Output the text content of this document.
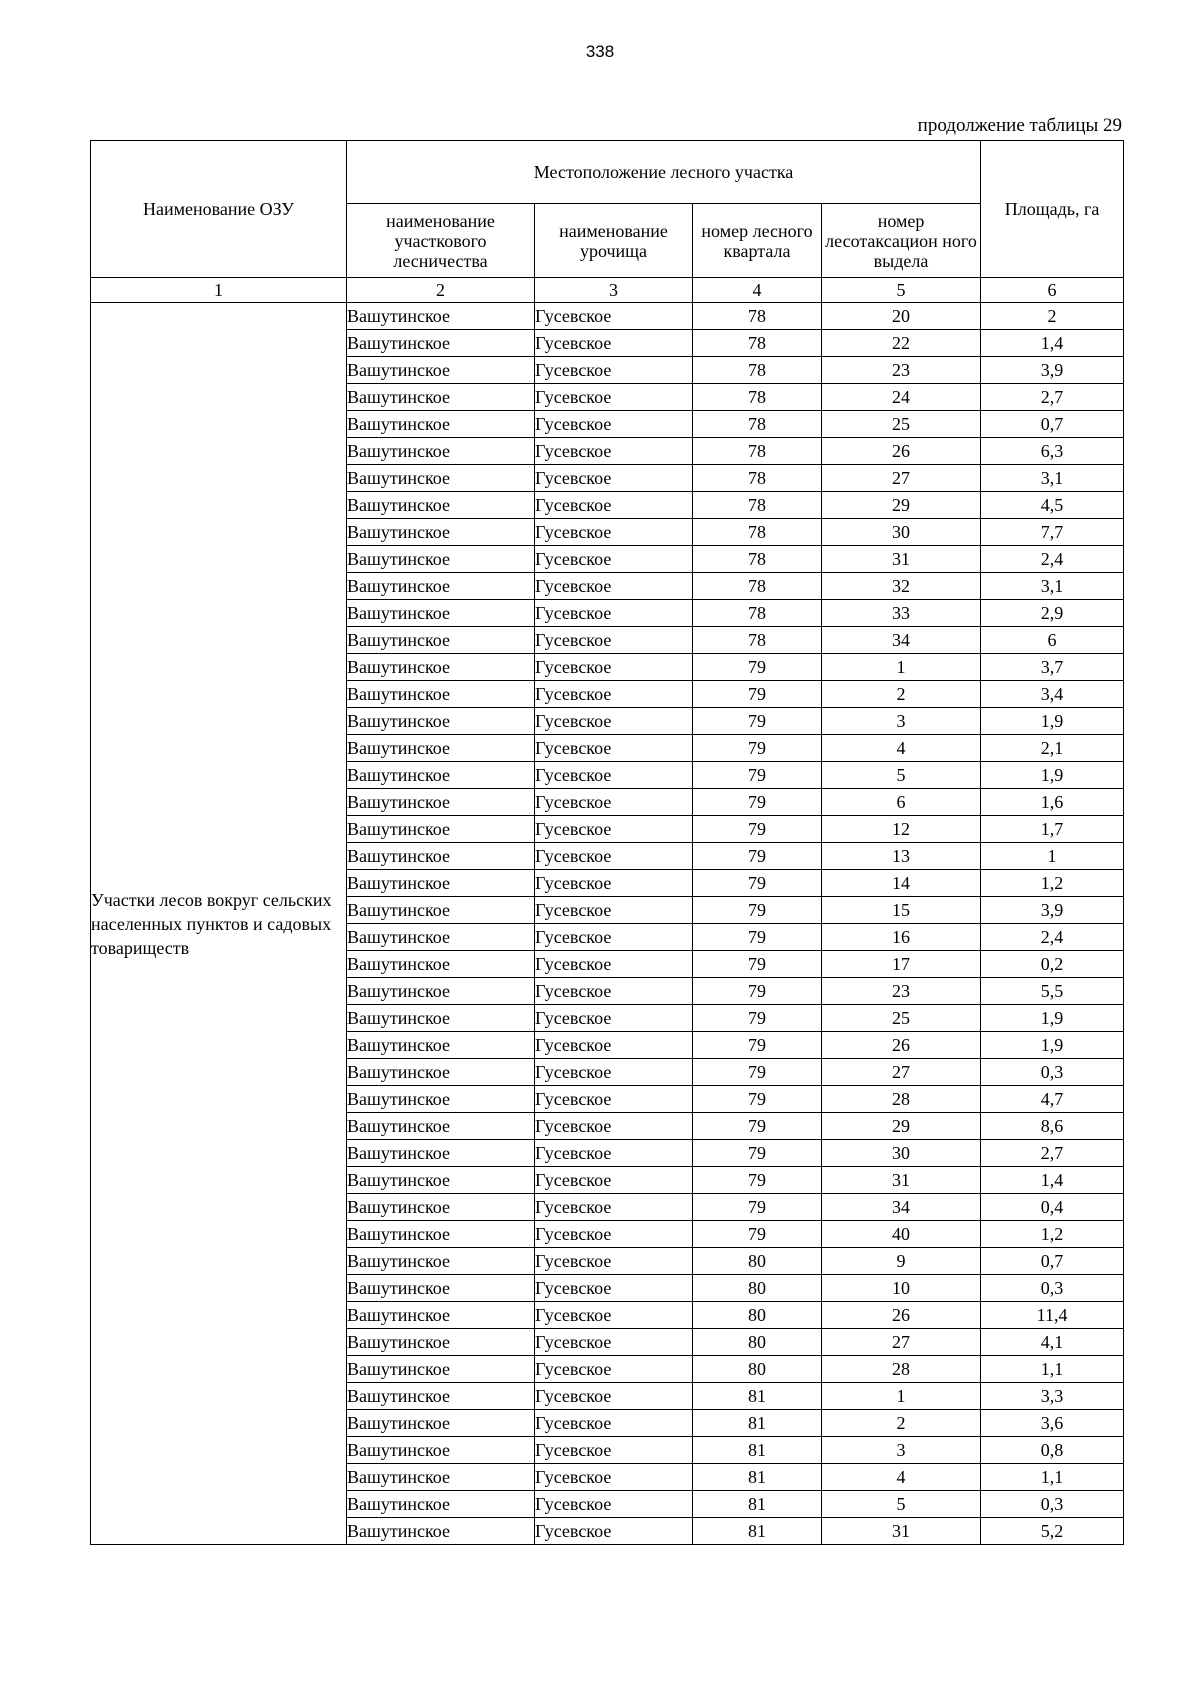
338
продолжение таблицы 29
Наименование ОЗУ	Местоположение лесного участка				Площадь, га
	наименование участкового лесничества	наименование урочища	номер лесного квартала	номер лесотаксацион ного выдела	
1	2	3	4	5	6
Участки лесов вокруг сельских населенных пунктов и садовых товариществ	Вашутинское	Гусевское	78	20	2
	Вашутинское	Гусевское	78	22	1,4
	Вашутинское	Гусевское	78	23	3,9
	Вашутинское	Гусевское	78	24	2,7
	Вашутинское	Гусевское	78	25	0,7
	Вашутинское	Гусевское	78	26	6,3
	Вашутинское	Гусевское	78	27	3,1
	Вашутинское	Гусевское	78	29	4,5
	Вашутинское	Гусевское	78	30	7,7
	Вашутинское	Гусевское	78	31	2,4
	Вашутинское	Гусевское	78	32	3,1
	Вашутинское	Гусевское	78	33	2,9
	Вашутинское	Гусевское	78	34	6
	Вашутинское	Гусевское	79	1	3,7
	Вашутинское	Гусевское	79	2	3,4
	Вашутинское	Гусевское	79	3	1,9
	Вашутинское	Гусевское	79	4	2,1
	Вашутинское	Гусевское	79	5	1,9
	Вашутинское	Гусевское	79	6	1,6
	Вашутинское	Гусевское	79	12	1,7
	Вашутинское	Гусевское	79	13	1
	Вашутинское	Гусевское	79	14	1,2
	Вашутинское	Гусевское	79	15	3,9
	Вашутинское	Гусевское	79	16	2,4
	Вашутинское	Гусевское	79	17	0,2
	Вашутинское	Гусевское	79	23	5,5
	Вашутинское	Гусевское	79	25	1,9
	Вашутинское	Гусевское	79	26	1,9
	Вашутинское	Гусевское	79	27	0,3
	Вашутинское	Гусевское	79	28	4,7
	Вашутинское	Гусевское	79	29	8,6
	Вашутинское	Гусевское	79	30	2,7
	Вашутинское	Гусевское	79	31	1,4
	Вашутинское	Гусевское	79	34	0,4
	Вашутинское	Гусевское	79	40	1,2
	Вашутинское	Гусевское	80	9	0,7
	Вашутинское	Гусевское	80	10	0,3
	Вашутинское	Гусевское	80	26	11,4
	Вашутинское	Гусевское	80	27	4,1
	Вашутинское	Гусевское	80	28	1,1
	Вашутинское	Гусевское	81	1	3,3
	Вашутинское	Гусевское	81	2	3,6
	Вашутинское	Гусевское	81	3	0,8
	Вашутинское	Гусевское	81	4	1,1
	Вашутинское	Гусевское	81	5	0,3
	Вашутинское	Гусевское	81	31	5,2
